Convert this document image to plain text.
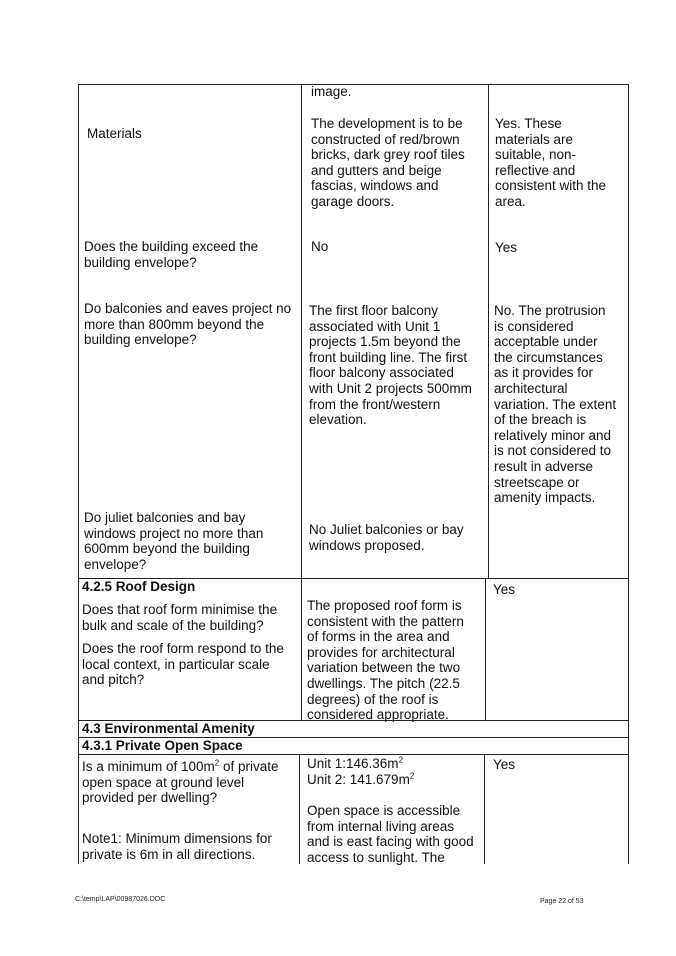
image.

Materials

The development is to be
constructed of red/brown
bricks, dark grey roof tiles
and gutters and beige
fascias, windows and
garage doors.

Yes. These
materials are
suitable, non-
reflective and
consistent with the
area.

Does the building exceed the
building envelope?

No	Yes

Do balconies and eaves project no
more than 800mm beyond the
building envelope?

The first floor balcony
associated with Unit 1
projects 1.5m beyond the
front building line. The first
floor balcony associated
with Unit 2 projects 500mm
from the front/western
elevation.

No. The protrusion
is considered
acceptable under
the circumstances
as it provides for
architectural
variation. The extent
of the breach is
relatively minor and
is not considered to
result in adverse
streetscape or
amenity impacts.

Do juliet balconies and bay
windows project no more than
600mm beyond the building
envelope?

No Juliet balconies or bay
windows proposed.

4.2.5 Roof Design

Does that roof form minimise the
bulk and scale of the building?

Does the roof form respond to the
local context, in particular scale
and pitch?

The proposed roof form is
consistent with the pattern
of forms in the area and
provides for architectural
variation between the two
dwellings. The pitch (22.5
degrees) of the roof is
considered appropriate.

Yes

4.3 Environmental Amenity

4.3.1 Private Open Space

Is a minimum of $100m^2$ of private
open space at ground level
provided per dwelling?

Note1: Minimum dimensions for
private is 6m in all directions.

Unit $1:146.36m^2$

Unit 2: $141.679m^2$

Open space is accessible
from internal living areas
and is east facing with good
access to sunlight. The

Yes

C:\temp\LAP\00987026.DOC	Page 22 of 53
